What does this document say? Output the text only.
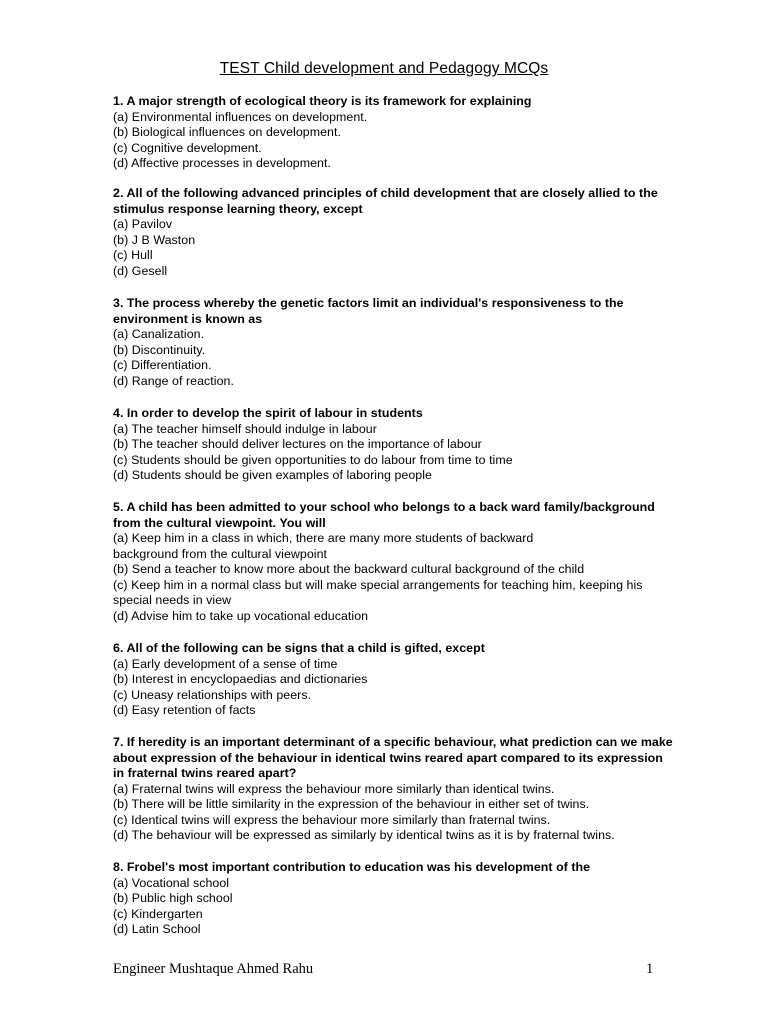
TEST Child development and Pedagogy MCQs
1. A major strength of ecological theory is its framework for explaining
(a) Environmental influences on development.
(b) Biological influences on development.
(c) Cognitive development.
(d) Affective processes in development.
2. All of the following advanced principles of child development that are closely allied to the stimulus response learning theory, except
(a) Pavilov
(b) J B Waston
(c) Hull
(d) Gesell
3. The process whereby the genetic factors limit an individual's responsiveness to the environment is known as
(a) Canalization.
(b) Discontinuity.
(c) Differentiation.
(d) Range of reaction.
4. In order to develop the spirit of labour in students
(a) The teacher himself should indulge in labour
(b) The teacher should deliver lectures on the importance of labour
(c) Students should be given opportunities to do labour from time to time
(d) Students should be given examples of laboring people
5. A child has been admitted to your school who belongs to a back ward family/background from the cultural viewpoint. You will
(a) Keep him in a class in which, there are many more students of backward background from the cultural viewpoint
(b) Send a teacher to know more about the backward cultural background of the child
(c) Keep him in a normal class but will make special arrangements for teaching him, keeping his special needs in view
(d) Advise him to take up vocational education
6. All of the following can be signs that a child is gifted, except
(a) Early development of a sense of time
(b) Interest in encyclopaedias and dictionaries
(c) Uneasy relationships with peers.
(d) Easy retention of facts
7. If heredity is an important determinant of a specific behaviour, what prediction can we make about expression of the behaviour in identical twins reared apart compared to its expression in fraternal twins reared apart?
(a) Fraternal twins will express the behaviour more similarly than identical twins.
(b) There will be little similarity in the expression of the behaviour in either set of twins.
(c) Identical twins will express the behaviour more similarly than fraternal twins.
(d) The behaviour will be expressed as similarly by identical twins as it is by fraternal twins.
8. Frobel's most important contribution to education was his development of the
(a) Vocational school
(b) Public high school
(c) Kindergarten
(d) Latin School
Engineer Mushtaque Ahmed Rahu	1
